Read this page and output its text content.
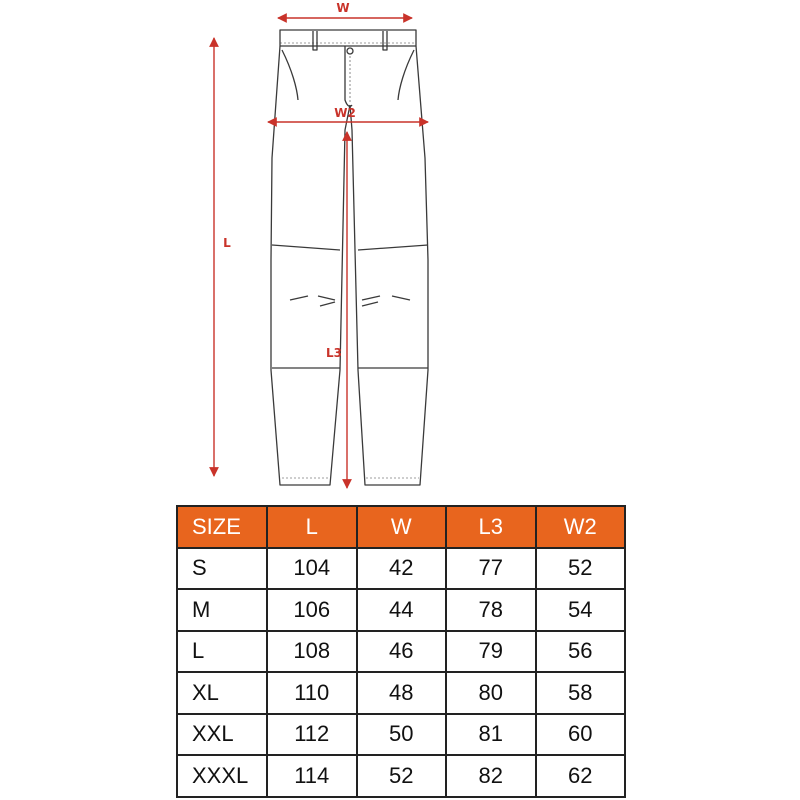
W
W2
L
L3
SIZE	L	W	L3	W2
S	104	42	77	52
M	106	44	78	54
L	108	46	79	56
XL	110	48	80	58
XXL	112	50	81	60
XXXL	114	52	82	62
